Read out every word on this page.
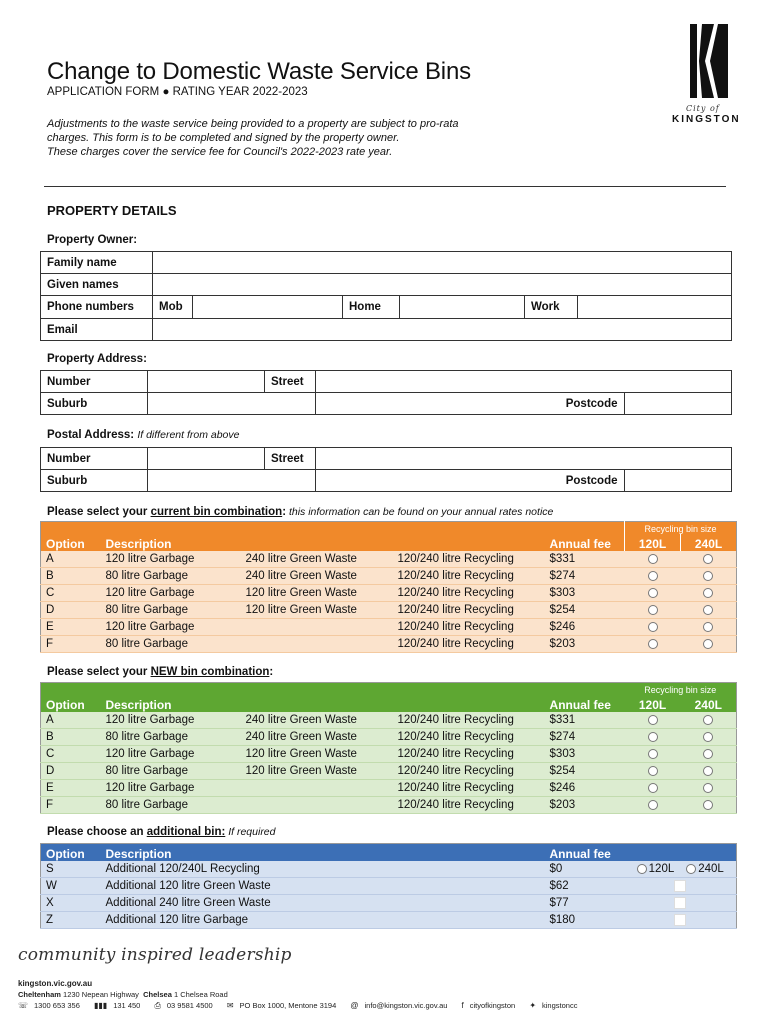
Change to Domestic Waste Service Bins
APPLICATION FORM ● RATING YEAR 2022-2023
Adjustments to the waste service being provided to a property are subject to pro-rata
charges. This form is to be completed and signed by the property owner.
These charges cover the service fee for Council's 2022-2023 rate year.
City of
KINGSTON
PROPERTY DETAILS
Property Owner:
Family name					
Given names					
Phone numbers	Mob		Home		Work

Email					
Property Address:
Number		Street		
Suburb			Postcode	
Postal Address: If different from above
Number		Street		
Suburb			Postcode	
Please select your current bin combination: this information can be found on your annual rates notice
Option	Description			Annual fee	Recycling bin size	
					120L	240L
A	120 litre Garbage	240 litre Green Waste	120/240 litre Recycling	$331		
B	80 litre Garbage	240 litre Green Waste	120/240 litre Recycling	$274		
C	120 litre Garbage	120 litre Green Waste	120/240 litre Recycling	$303		
D	80 litre Garbage	120 litre Green Waste	120/240 litre Recycling	$254		
E	120 litre Garbage		120/240 litre Recycling	$246		
F	80 litre Garbage		120/240 litre Recycling	$203		
Please select your NEW bin combination:
Option	Description			Annual fee	Recycling bin size	
					120L	240L
A	120 litre Garbage	240 litre Green Waste	120/240 litre Recycling	$331		
B	80 litre Garbage	240 litre Green Waste	120/240 litre Recycling	$274		
C	120 litre Garbage	120 litre Green Waste	120/240 litre Recycling	$303		
D	80 litre Garbage	120 litre Green Waste	120/240 litre Recycling	$254		
E	120 litre Garbage		120/240 litre Recycling	$246		
F	80 litre Garbage		120/240 litre Recycling	$203		
Please choose an additional bin: If required
Option	Description	Annual fee	
S	Additional 120/240L Recycling	$0	120L 240L
W	Additional 120 litre Green Waste	$62	
X	Additional 240 litre Green Waste	$77	
Z	Additional 120 litre Garbage	$180	
community inspired leadership
kingston.vic.gov.au
Cheltenham 1230 Nepean Highway Chelsea 1 Chelsea Road
☏ 1300 653 356 ▮▮▮ 131 450 ⎙ 03 9581 4500 ✉ PO Box 1000, Mentone 3194 @ info@kingston.vic.gov.au f cityofkingston ✦ kingstoncc
